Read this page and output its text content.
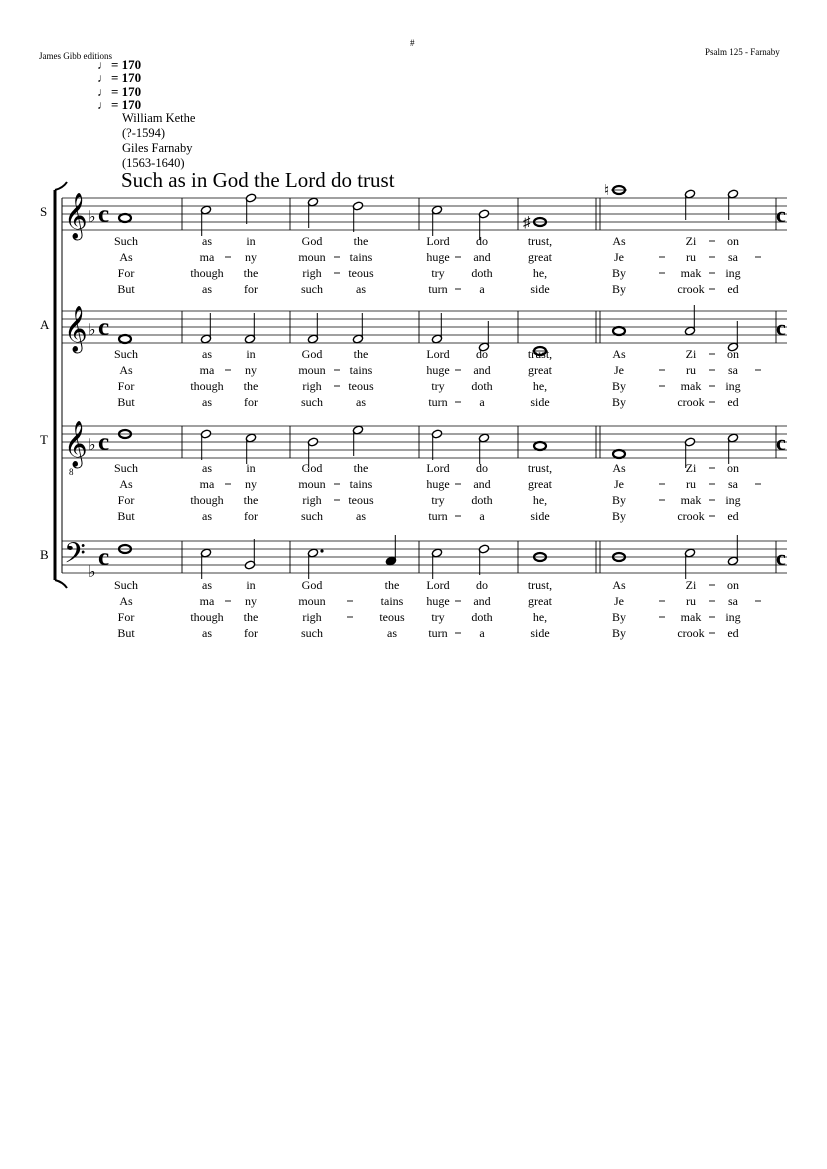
James Gibb editions
#
Psalm 125 - Farnaby
♩ = 170
♩ = 170
♩ = 170
♩ = 170
William Kethe
(?-1594)
Giles Farnaby
(1563-1640)
Such as in God the Lord do trust
S 𝄞 ♭ c	c
♯
♮
Such	as	in	God	the	Lord do	trust,	As	Zi	on
As	ma	ny	moun tains	huge and	great	Je	ru	sa
For	though the	righ teous	try doth	he,	By	mak ing
But	as	for	such	as	turn	a	side	By	crook ed
A 𝄞 ♭ c	c
Such	as	in	God	the	Lord do	trust,	As	Zi	on
As	ma	ny	moun tains	huge and	great	Je	ru	sa
For	though the	righ teous	try doth	he,	By	mak ing
But	as	for	such	as	turn	a	side	By	crook ed
T 𝄞
8
♭ c	c
Such	as	in	God	the	Lord do	trust,	As	Zi	on
As	ma	ny	moun tains	huge and	great	Je	ru	sa
For	though the	righ teous	try doth	he,	By	mak ing
But	as	for	such	as	turn	a	side	By	crook ed
B 𝄢 ♭
c	c
Such	as	in	God	the Lord do	trust,	As	Zi	on
As	ma	ny	moun	tains huge and	great	Je	ru	sa
For	though the	righ	teous try doth	he,	By	mak ing
But	as	for	such	as	turn	a	side	By	crook ed
